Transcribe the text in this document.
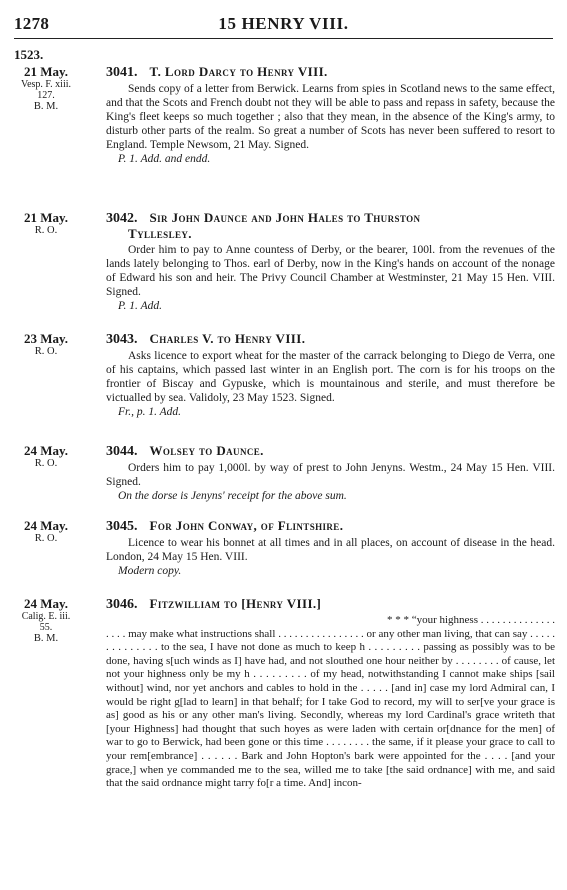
1278	15 HENRY VIII.
1523.
21 May.
Vesp. F. xiii.
127.
B. M.
3041. T. Lord Darcy to Henry VIII.

Sends copy of a letter from Berwick. Learns from spies in Scotland news to the same effect, and that the Scots and French doubt not they will be able to pass and repass in safety, because the King's fleet keeps so much together ; also that they mean, in the absence of the King's army, to disturb other parts of the realm. So great a number of Scots has never been suffered to resort to England. Temple Newsom, 21 May. Signed.

P. 1. Add. and endd.
21 May.
R. O.
3042. Sir John Daunce and John Hales to Thurston
Tyllesley.

Order him to pay to Anne countess of Derby, or the bearer, 100l. from the revenues of the lands lately belonging to Thos. earl of Derby, now in the King's hands on account of the nonage of Edward his son and heir. The Privy Council Chamber at Westminster, 21 May 15 Hen. VIII. Signed.

P. 1. Add.
23 May.
R. O.
3043. Charles V. to Henry VIII.

Asks licence to export wheat for the master of the carrack belonging to Diego de Verra, one of his captains, which passed last winter in an English port. The corn is for his troops on the frontier of Biscay and Gypuske, which is mountainous and sterile, and must therefore be victualled by sea. Validoly, 23 May 1523. Signed.

Fr., p. 1. Add.
24 May.
R. O.
3044. Wolsey to Daunce.

Orders him to pay 1,000l. by way of prest to John Jenyns. Westm., 24 May 15 Hen. VIII. Signed.

On the dorse is Jenyns' receipt for the above sum.
24 May.
R. O.
3045. For John Conway, of Flintshire.

Licence to wear his bonnet at all times and in all places, on account of disease in the head. London, 24 May 15 Hen. VIII.

Modern copy.
24 May.
Calig. E. iii.
55.
B. M.
3046. Fitzwilliam to [Henry VIII.]

* * * “your highness . . . . . . . . . . . . . .

. . . . may make what instructions shall . . . . . . . . . . . . . . . . or any other man living, that can say . . . . . . . . . . . . . . to the sea, I have not done as much to keep h . . . . . . . . . passing as possibly was to be done, having s[uch winds as I] have had, and not slouthed one hour neither by . . . . . . . . of cause, let not your highness only be my h . . . . . . . . . of my head, notwithstanding I cannot make ships [sail without] wind, nor yet anchors and cables to hold in the . . . . . [and in] case my lord Admiral can, I would be right g[lad to learn] in that behalf; for I take God to record, my will to ser[ve your grace is as] good as his or any other man's living. Secondly, whereas my lord Cardinal's grace writeth that [your Highness] had thought that such hoyes as were laden with certain or[dnance for the men] of war to go to Berwick, had been gone or this time . . . . . . . . the same, if it please your grace to call to your rem[embrance] . . . . . . Bark and John Hopton's bark were appointed for the . . . . [and your grace,] when ye commanded me to the sea, willed me to take [the said ordnance] with me, and said that the said ordnance might tarry fo[r a time. And] incon-
